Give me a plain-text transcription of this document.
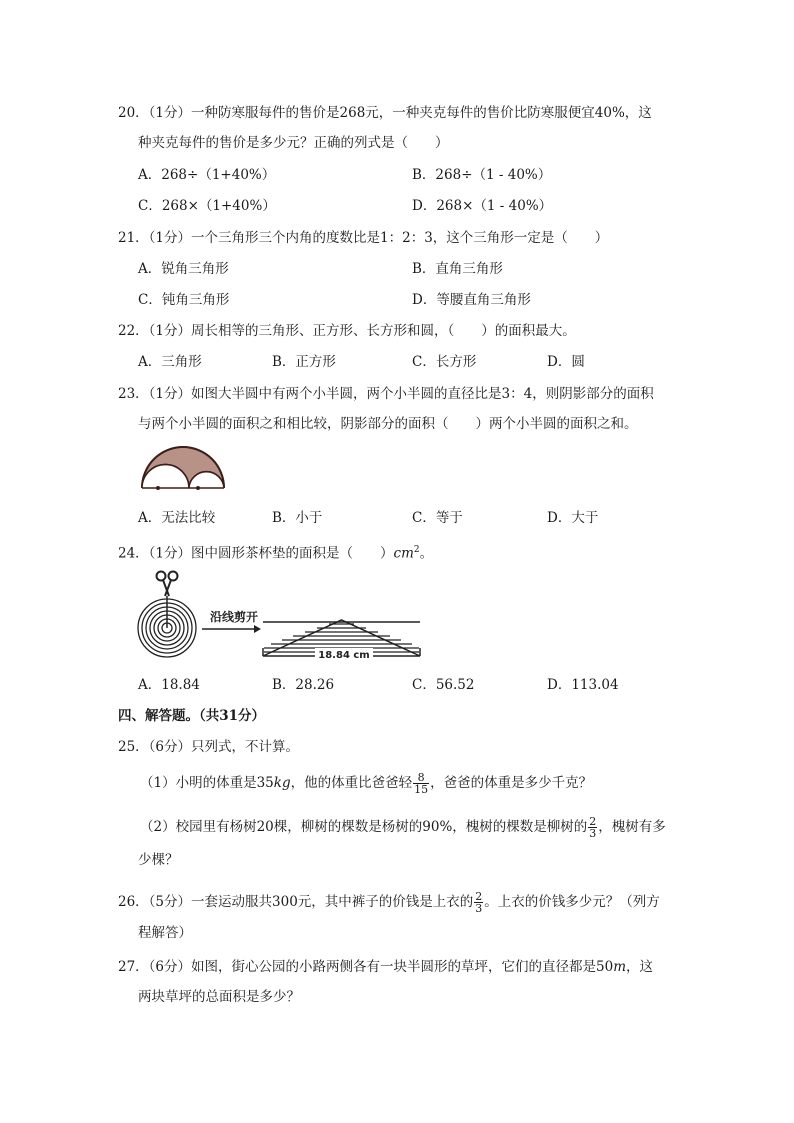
20．（1分）一种防寒服每件的售价是268元，一种夹克每件的售价比防寒服便宜40%，这
种夹克每件的售价是多少元？正确的列式是（　　）
A．268÷（1+40%）	B．268÷（1 - 40%）
C．268×（1+40%）	D．268×（1 - 40%）
21．（1分）一个三角形三个内角的度数比是1：2：3，这个三角形一定是（　　）
A．锐角三角形	B．直角三角形
C．钝角三角形	D．等腰直角三角形
22．（1分）周长相等的三角形、正方形、长方形和圆，（　　）的面积最大。
A．三角形	B．正方形	C．长方形	D．圆
23．（1分）如图大半圆中有两个小半圆，两个小半圆的直径比是3：4，则阴影部分的面积
与两个小半圆的面积之和相比较，阴影部分的面积（　　）两个小半圆的面积之和。
A．无法比较	B．小于	C．等于	D．大于
24．（1分）图中圆形茶杯垫的面积是（　　）$cm^2$。
沿线剪开
18.84 cm
A．18.84	B．28.26	C．56.52	D．113.04
四、解答题。（共31分）
25．（6分）只列式，不计算。
（1）小明的体重是35kg，他的体重比爸爸轻 $\frac{8}{15}$ ，爸爸的体重是多少千克？
（2）校园里有杨树20棵，柳树的棵数是杨树的90%，槐树的棵数是柳树的 $\frac{2}{3}$ ，槐树有多
少棵？
26．（5分）一套运动服共300元，其中裤子的价钱是上衣的 $\frac{2}{3}$ 。上衣的价钱多少元？（列方
程解答）
27．（6分）如图，街心公园的小路两侧各有一块半圆形的草坪，它们的直径都是50m，这
两块草坪的总面积是多少？
